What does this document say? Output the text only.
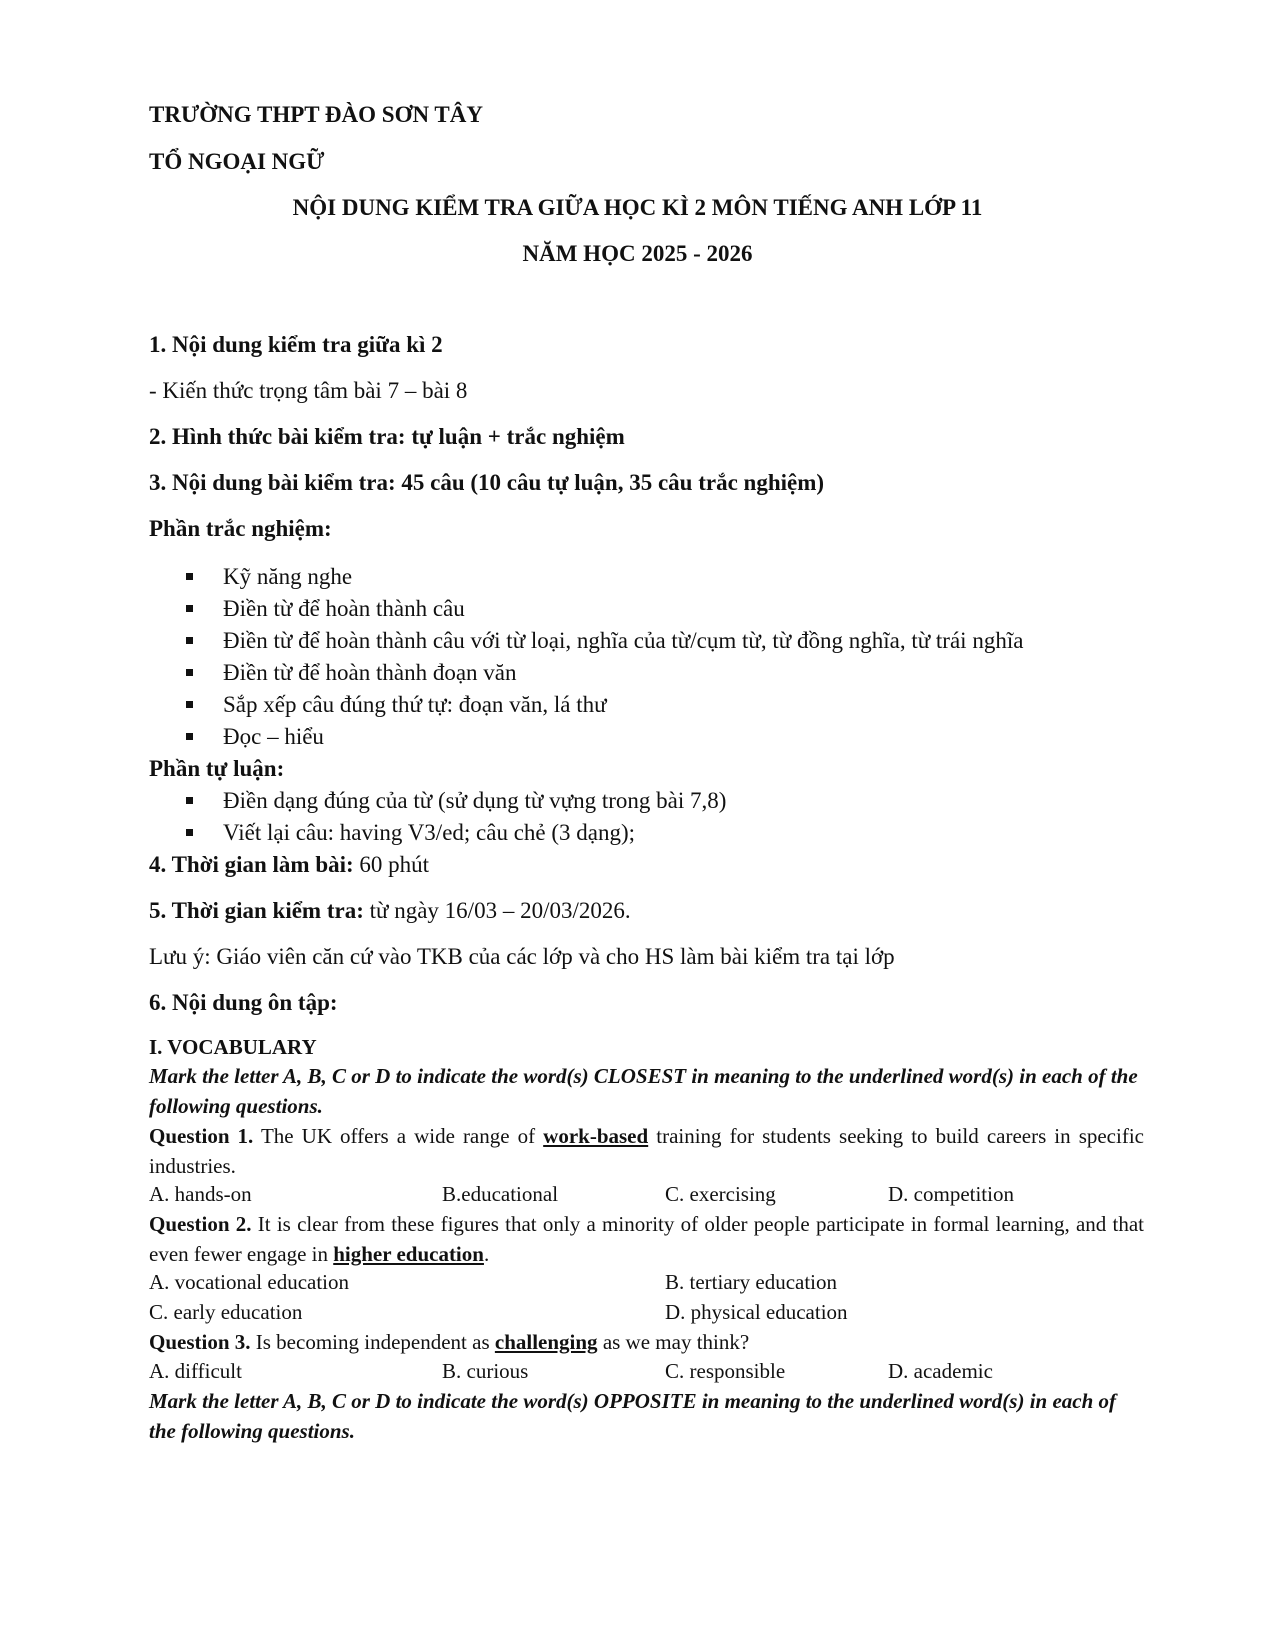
TRƯỜNG THPT ĐÀO SƠN TÂY

TỔ NGOẠI NGỮ

NỘI DUNG KIỂM TRA GIỮA HỌC KÌ 2 MÔN TIẾNG ANH LỚP 11

NĂM HỌC 2025 - 2026

1. Nội dung kiểm tra giữa kì 2

- Kiến thức trọng tâm bài 7 – bài 8

2. Hình thức bài kiểm tra: tự luận + trắc nghiệm

3. Nội dung bài kiểm tra: 45 câu (10 câu tự luận, 35 câu trắc nghiệm)

Phần trắc nghiệm:

Kỹ năng nghe
Điền từ để hoàn thành câu
Điền từ để hoàn thành câu với từ loại, nghĩa của từ/cụm từ, từ đồng nghĩa, từ trái nghĩa
Điền từ để hoàn thành đoạn văn
Sắp xếp câu đúng thứ tự: đoạn văn, lá thư
Đọc – hiểu

Phần tự luận:

Điền dạng đúng của từ (sử dụng từ vựng trong bài 7,8)
Viết lại câu: having V3/ed; câu chẻ (3 dạng);

4. Thời gian làm bài: 60 phút

5. Thời gian kiểm tra: từ ngày 16/03 – 20/03/2026.

Lưu ý: Giáo viên căn cứ vào TKB của các lớp và cho HS làm bài kiểm tra tại lớp

6. Nội dung ôn tập:

I. VOCABULARY
Mark the letter A, B, C or D to indicate the word(s) CLOSEST in meaning to the underlined word(s) in each of the following questions.
Question 1. The UK offers a wide range of work-based training for students seeking to build careers in specific industries.
A. hands-on	B.educational	C. exercising	D. competition
Question 2. It is clear from these figures that only a minority of older people participate in formal learning, and that even fewer engage in higher education.
A. vocational education	B. tertiary education
C. early education	D. physical education
Question 3. Is becoming independent as challenging as we may think?
A. difficult	B. curious	C. responsible	D. academic
Mark the letter A, B, C or D to indicate the word(s) OPPOSITE in meaning to the underlined word(s) in each of the following questions.
